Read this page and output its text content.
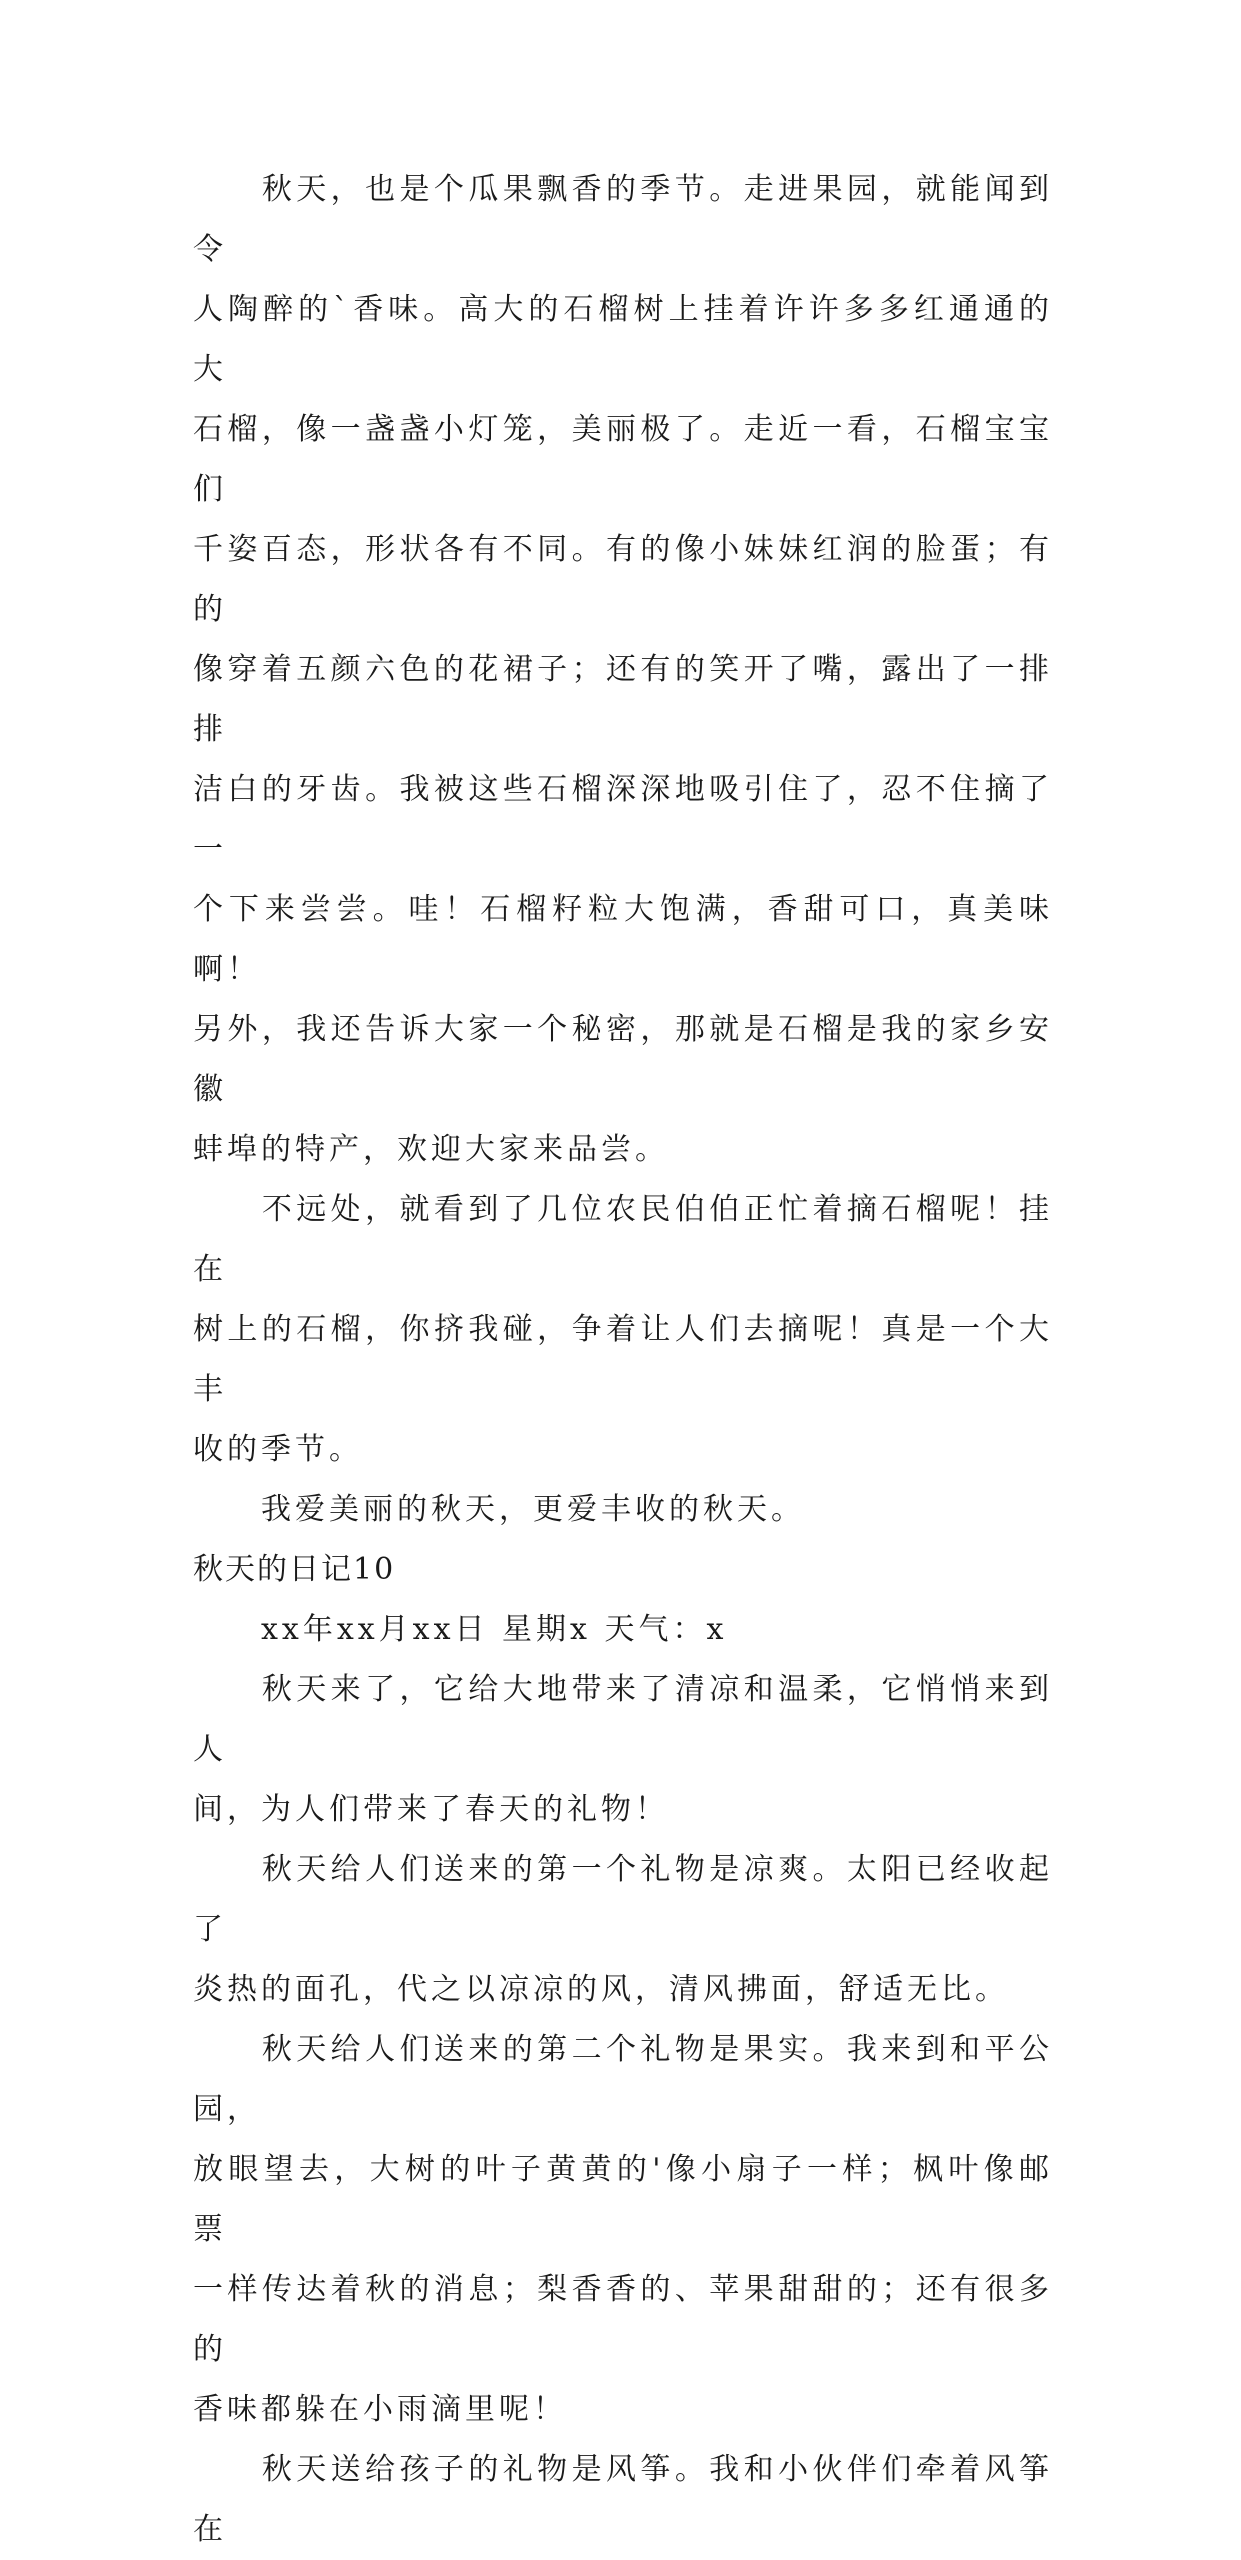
　　秋天，也是个瓜果飘香的季节。走进果园，就能闻到令
人陶醉的`香味。高大的石榴树上挂着许许多多红通通的大
石榴，像一盏盏小灯笼，美丽极了。走近一看，石榴宝宝们
千姿百态，形状各有不同。有的像小妹妹红润的脸蛋；有的
像穿着五颜六色的花裙子；还有的笑开了嘴，露出了一排排
洁白的牙齿。我被这些石榴深深地吸引住了，忍不住摘了一
个下来尝尝。哇！石榴籽粒大饱满，香甜可口，真美味啊！
另外，我还告诉大家一个秘密，那就是石榴是我的家乡安徽
蚌埠的特产，欢迎大家来品尝。

　　不远处，就看到了几位农民伯伯正忙着摘石榴呢！挂在
树上的石榴，你挤我碰，争着让人们去摘呢！真是一个大丰
收的季节。

　　我爱美丽的秋天，更爱丰收的秋天。

秋天的日记10

　　xx年xx月xx日 星期x 天气：x

　　秋天来了，它给大地带来了清凉和温柔，它悄悄来到人
间，为人们带来了春天的礼物！

　　秋天给人们送来的第一个礼物是凉爽。太阳已经收起了
炎热的面孔，代之以凉凉的风，清风拂面，舒适无比。

　　秋天给人们送来的第二个礼物是果实。我来到和平公园，
放眼望去，大树的叶子黄黄的'像小扇子一样；枫叶像邮票
一样传达着秋的消息；梨香香的、苹果甜甜的；还有很多的
香味都躲在小雨滴里呢！

　　秋天送给孩子的礼物是风筝。我和小伙伴们牵着风筝在
